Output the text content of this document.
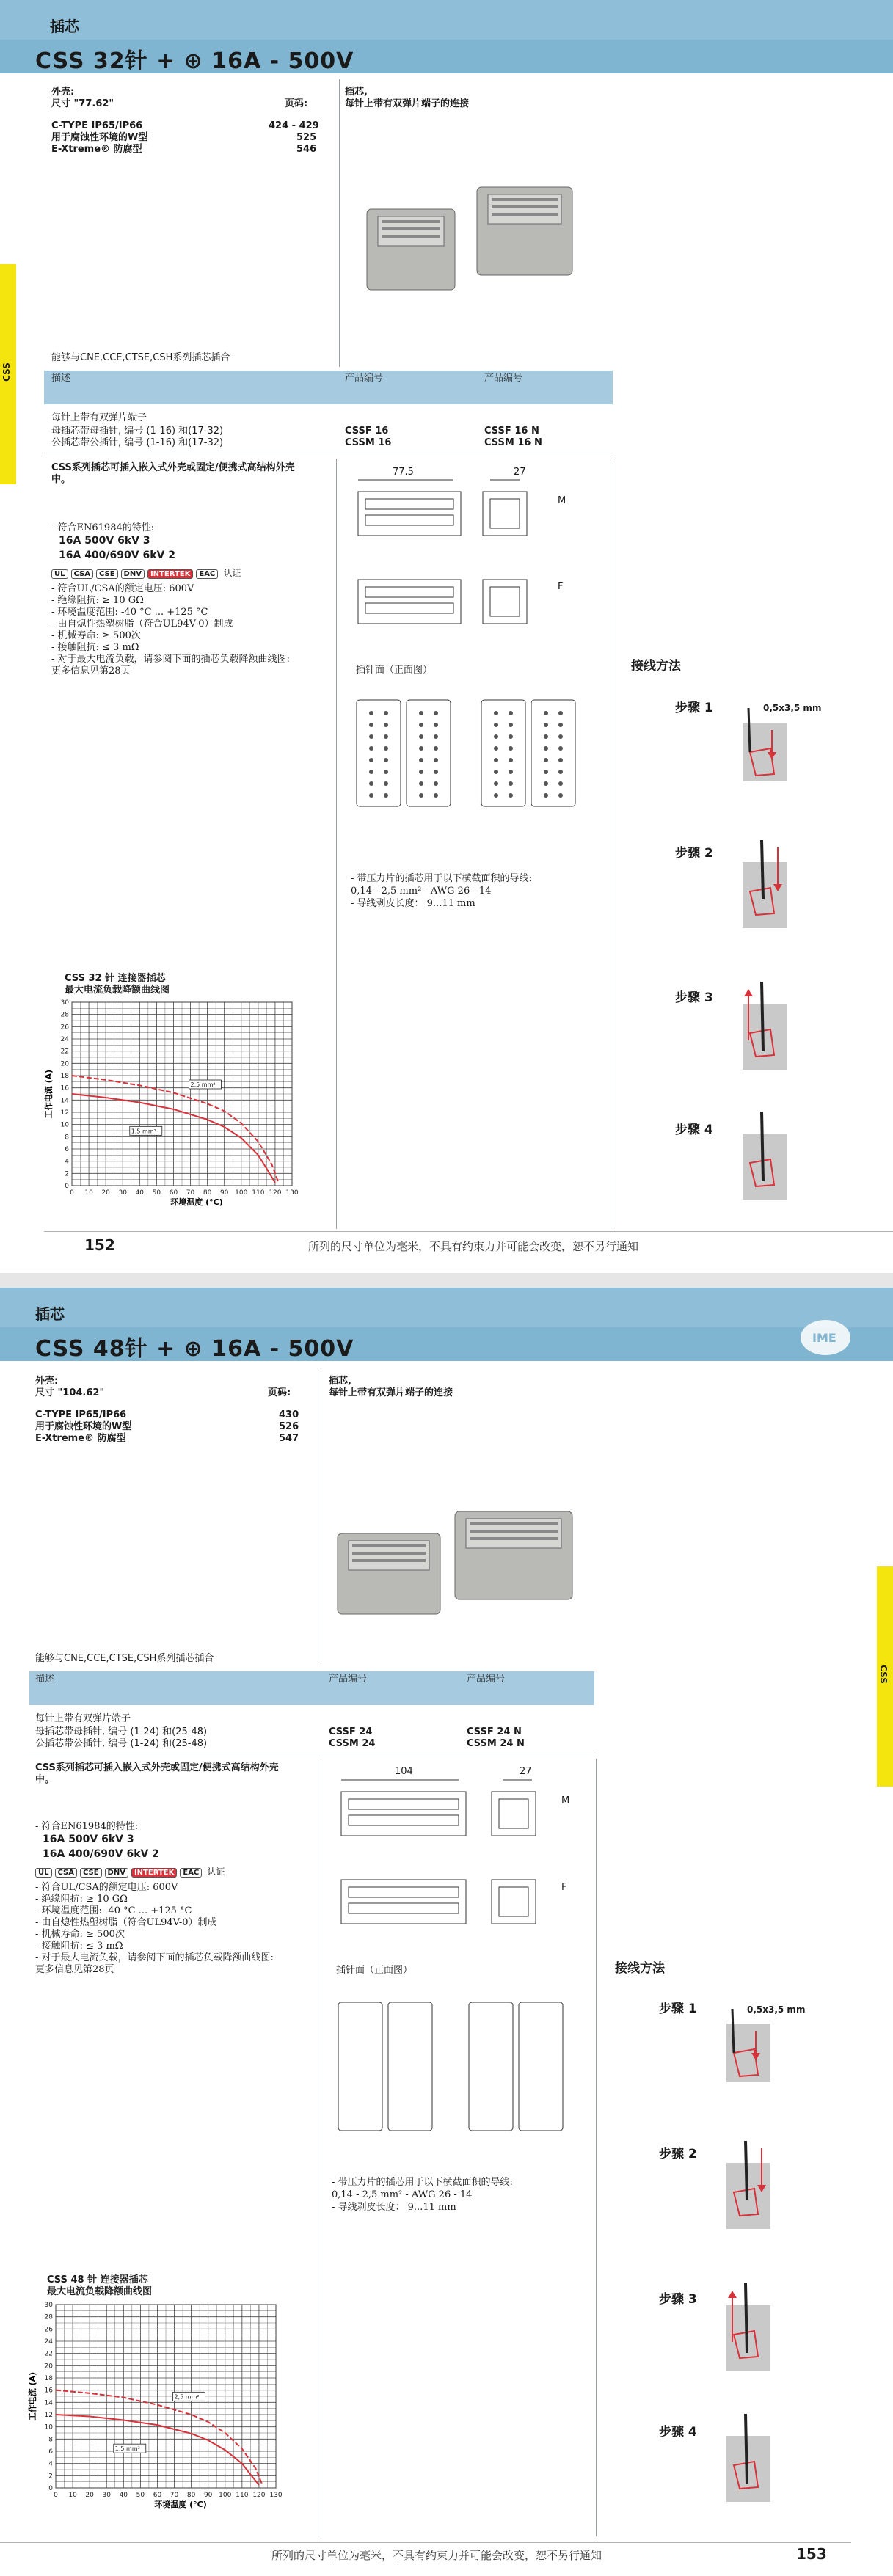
插芯
CSS 32针 + ⊕ 16A - 500V
CSS
外壳:
尺寸 "77.62"	页码:
C-TYPE IP65/IP66	424 - 429
用于腐蚀性环境的W型	525
E-Xtreme® 防腐型	546
插芯,
每针上带有双弹片端子的连接
能够与CNE,CCE,CTSE,CSH系列插芯插合
描述	产品编号	产品编号
每针上带有双弹片端子
母插芯带母插针, 编号 (1-16) 和(17-32)
公插芯带公插针, 编号 (1-16) 和(17-32)
CSSF 16	CSSF 16 N
CSSM 16	CSSM 16 N
CSS系列插芯可插入嵌入式外壳或固定/便携式高结构外壳中。
- 符合EN61984的特性:
16A 500V 6kV 3
16A 400/690V 6kV 2
UL CSA CSE DNV INTERTEK EAC 认证
- 符合UL/CSA的额定电压: 600V
- 绝缘阻抗: ≥ 10 GΩ
- 环境温度范围: -40 °C ... +125 °C
- 由自熄性热塑树脂（符合UL94V-0）制成
- 机械寿命: ≥ 500次
- 接触阻抗: ≤ 3 mΩ
- 对于最大电流负载，请参阅下面的插芯负载降额曲线图:
更多信息见第28页
77.5	27
M
F
插针面（正面图）
- 带压力片的插芯用于以下横截面积的导线:
0,14 - 2,5 mm² - AWG 26 - 14
- 导线剥皮长度： 9...11 mm
CSS 32 针 连接器插芯
最大电流负载降额曲线图
0 10 20 30 40 50 60 70 80 90 100 110 120 130
0
2
4
6
8
10
12
14
16
18
20
22
24
26
28
30
环境温度 (°C)
工作电流 (A)	2,5 mm²
1,5 mm²
接线方法
步骤 1	0,5x3,5 mm
步骤 2
步骤 3
步骤 4
152	所列的尺寸单位为毫米，不具有约束力并可能会改变，恕不另行通知
插芯
CSS 48针 + ⊕ 16A - 500V	IME
CSS
外壳:
尺寸 "104.62"	页码:
C-TYPE IP65/IP66	430
用于腐蚀性环境的W型	526
E-Xtreme® 防腐型	547
插芯,
每针上带有双弹片端子的连接
能够与CNE,CCE,CTSE,CSH系列插芯插合
描述	产品编号	产品编号
每针上带有双弹片端子
母插芯带母插针, 编号 (1-24) 和(25-48)
公插芯带公插针, 编号 (1-24) 和(25-48)
CSSF 24	CSSF 24 N
CSSM 24	CSSM 24 N
CSS系列插芯可插入嵌入式外壳或固定/便携式高结构外壳中。
- 符合EN61984的特性:
16A 500V 6kV 3
16A 400/690V 6kV 2
UL CSA CSE DNV INTERTEK EAC 认证
- 符合UL/CSA的额定电压: 600V
- 绝缘阻抗: ≥ 10 GΩ
- 环境温度范围: -40 °C ... +125 °C
- 由自熄性热塑树脂（符合UL94V-0）制成
- 机械寿命: ≥ 500次
- 接触阻抗: ≤ 3 mΩ
- 对于最大电流负载，请参阅下面的插芯负载降额曲线图:
更多信息见第28页
104	27
M
F
插针面（正面图）
- 带压力片的插芯用于以下横截面积的导线:
0,14 - 2,5 mm² - AWG 26 - 14
- 导线剥皮长度： 9...11 mm
CSS 48 针 连接器插芯
最大电流负载降额曲线图
0 10 20 30 40 50 60 70 80 90 100 110 120 130
0
2
4
6
8
10
12
14
16
18
20
22
24
26
28
30
环境温度 (°C)
工作电流 (A)	2,5 mm²
1,5 mm²
接线方法
步骤 1	0,5x3,5 mm
步骤 2
步骤 3
步骤 4
所列的尺寸单位为毫米，不具有约束力并可能会改变，恕不另行通知	153
